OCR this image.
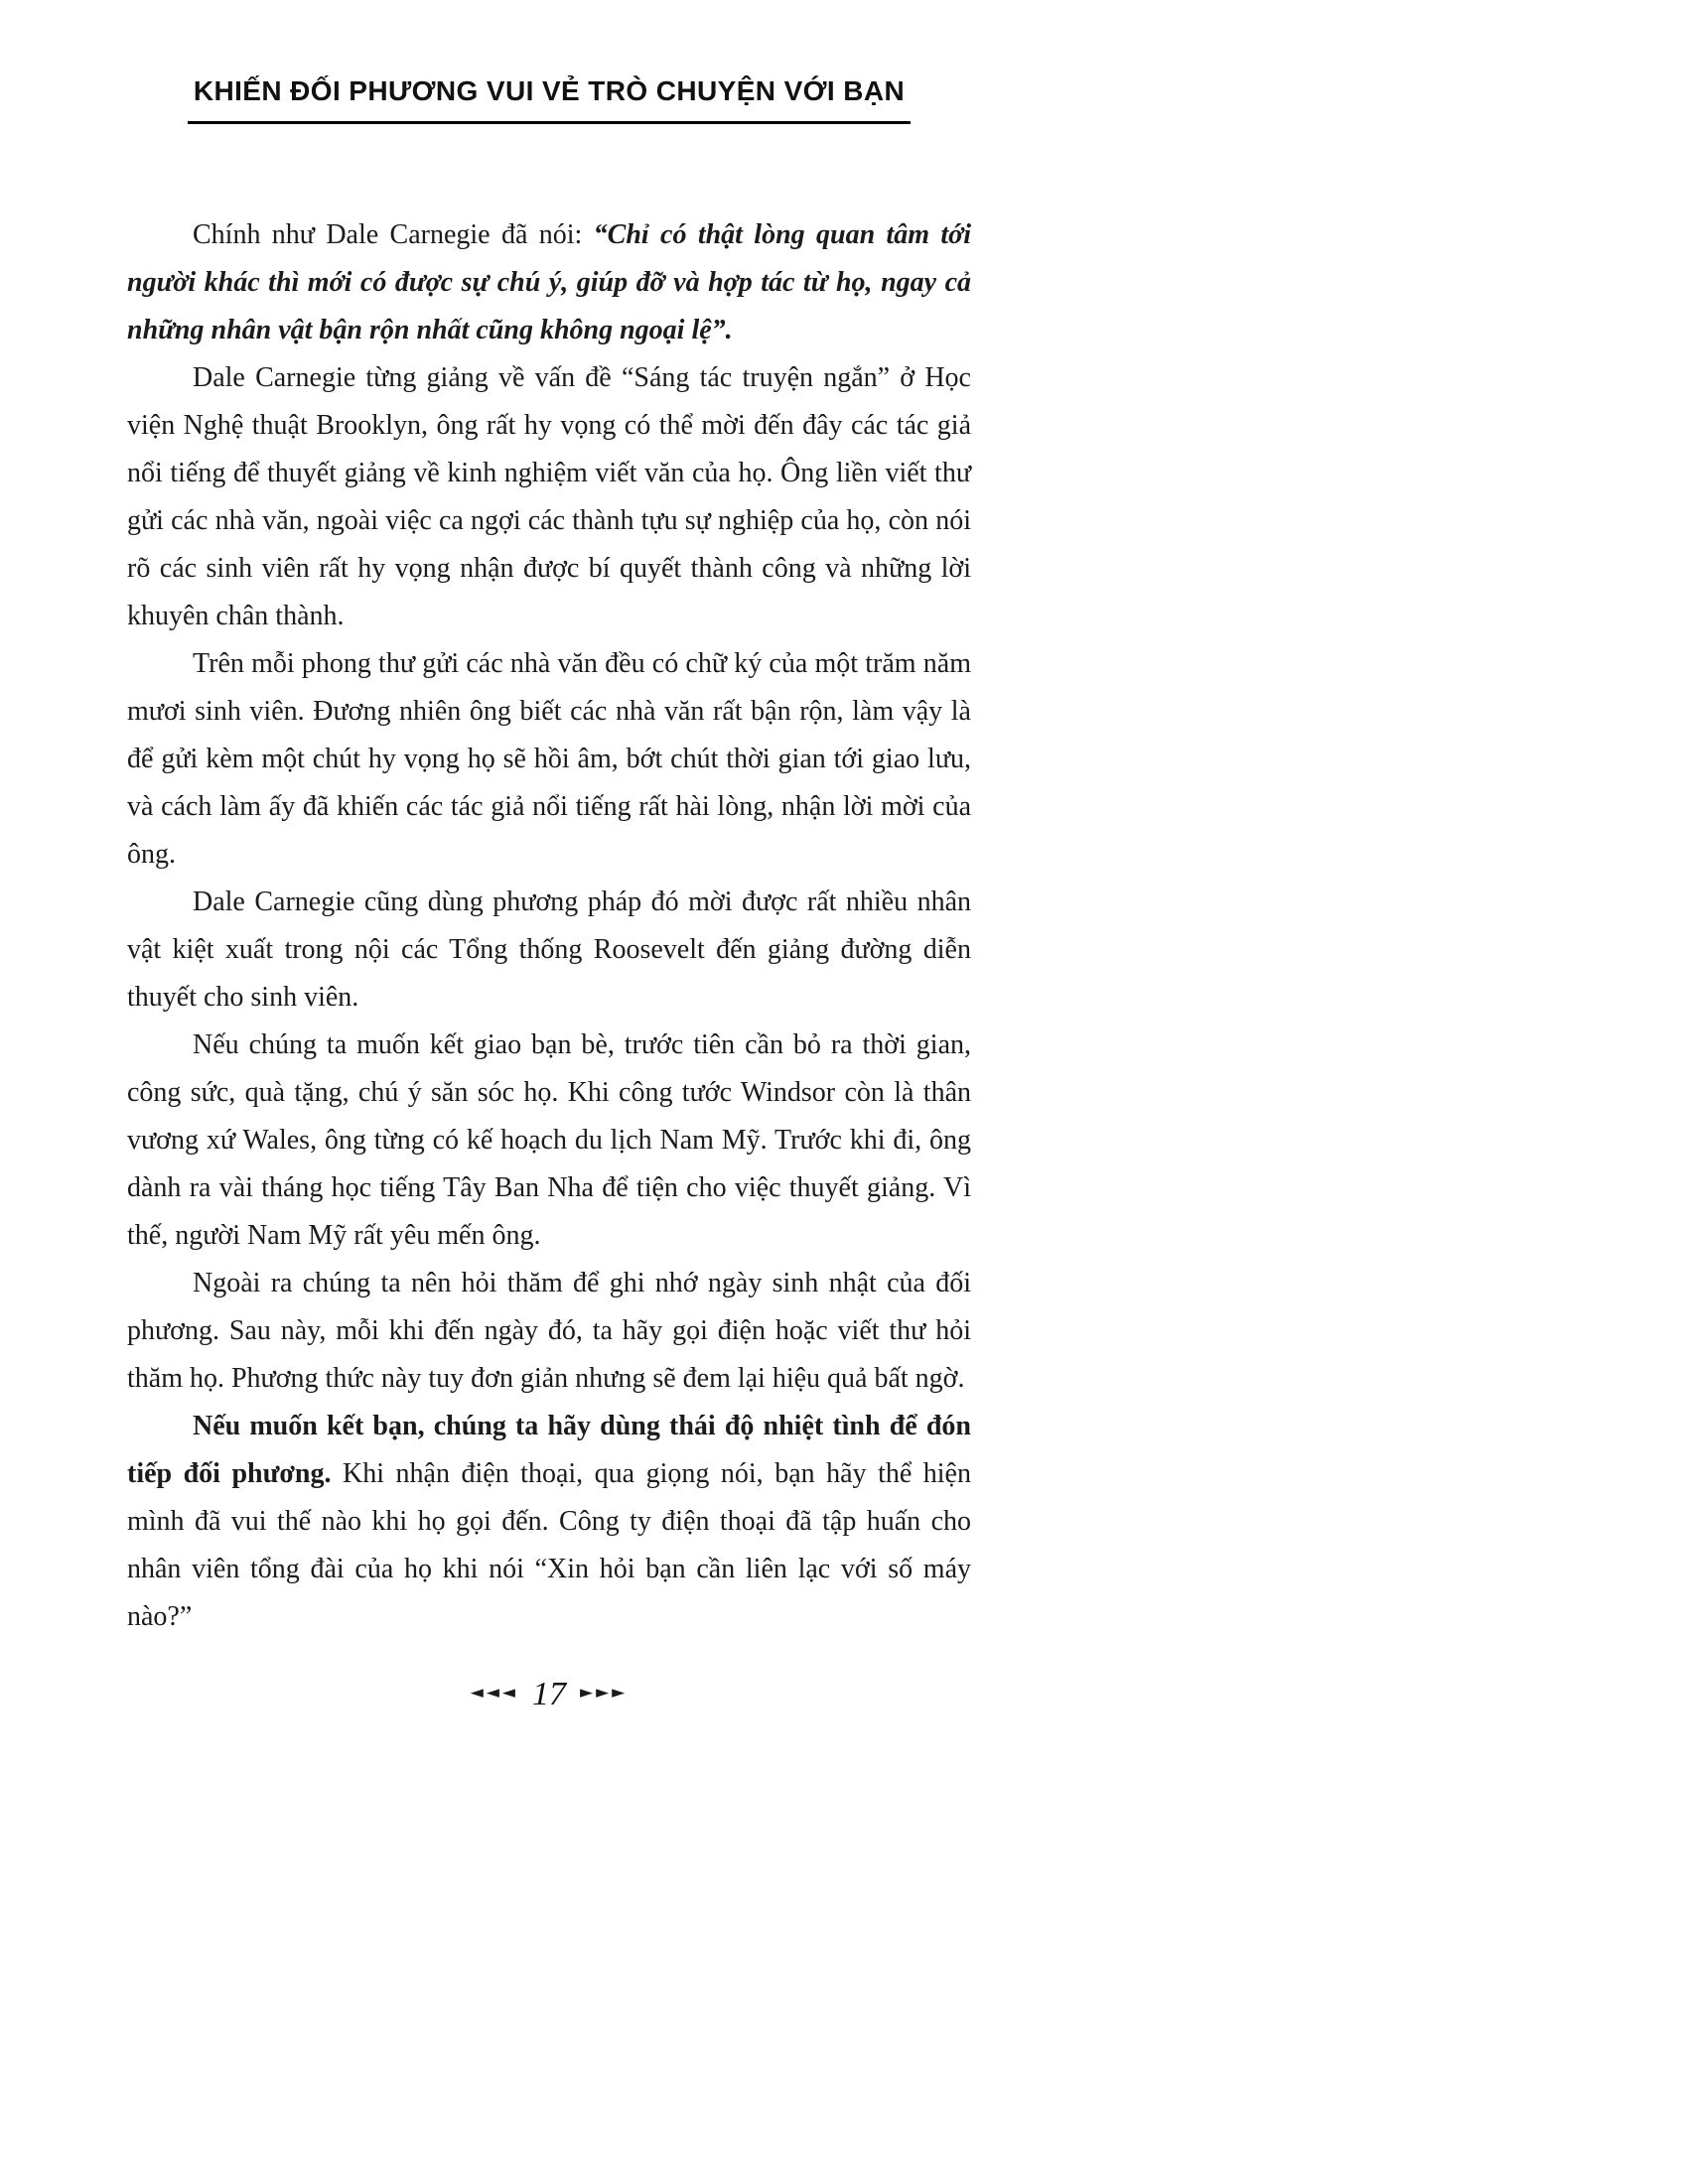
KHIẾN ĐỐI PHƯƠNG VUI VẺ TRÒ CHUYỆN VỚI BẠN

Chính như Dale Carnegie đã nói: “Chỉ có thật lòng quan tâm tới người khác thì mới có được sự chú ý, giúp đỡ và hợp tác từ họ, ngay cả những nhân vật bận rộn nhất cũng không ngoại lệ”.

Dale Carnegie từng giảng về vấn đề “Sáng tác truyện ngắn” ở Học viện Nghệ thuật Brooklyn, ông rất hy vọng có thể mời đến đây các tác giả nổi tiếng để thuyết giảng về kinh nghiệm viết văn của họ. Ông liền viết thư gửi các nhà văn, ngoài việc ca ngợi các thành tựu sự nghiệp của họ, còn nói rõ các sinh viên rất hy vọng nhận được bí quyết thành công và những lời khuyên chân thành.

Trên mỗi phong thư gửi các nhà văn đều có chữ ký của một trăm năm mươi sinh viên. Đương nhiên ông biết các nhà văn rất bận rộn, làm vậy là để gửi kèm một chút hy vọng họ sẽ hồi âm, bớt chút thời gian tới giao lưu, và cách làm ấy đã khiến các tác giả nổi tiếng rất hài lòng, nhận lời mời của ông.

Dale Carnegie cũng dùng phương pháp đó mời được rất nhiều nhân vật kiệt xuất trong nội các Tổng thống Roosevelt đến giảng đường diễn thuyết cho sinh viên.

Nếu chúng ta muốn kết giao bạn bè, trước tiên cần bỏ ra thời gian, công sức, quà tặng, chú ý săn sóc họ. Khi công tước Windsor còn là thân vương xứ Wales, ông từng có kế hoạch du lịch Nam Mỹ. Trước khi đi, ông dành ra vài tháng học tiếng Tây Ban Nha để tiện cho việc thuyết giảng. Vì thế, người Nam Mỹ rất yêu mến ông.

Ngoài ra chúng ta nên hỏi thăm để ghi nhớ ngày sinh nhật của đối phương. Sau này, mỗi khi đến ngày đó, ta hãy gọi điện hoặc viết thư hỏi thăm họ. Phương thức này tuy đơn giản nhưng sẽ đem lại hiệu quả bất ngờ.

Nếu muốn kết bạn, chúng ta hãy dùng thái độ nhiệt tình để đón tiếp đối phương. Khi nhận điện thoại, qua giọng nói, bạn hãy thể hiện mình đã vui thế nào khi họ gọi đến. Công ty điện thoại đã tập huấn cho nhân viên tổng đài của họ khi nói “Xin hỏi bạn cần liên lạc với số máy nào?”

◄◄◄ 17 ►►►
